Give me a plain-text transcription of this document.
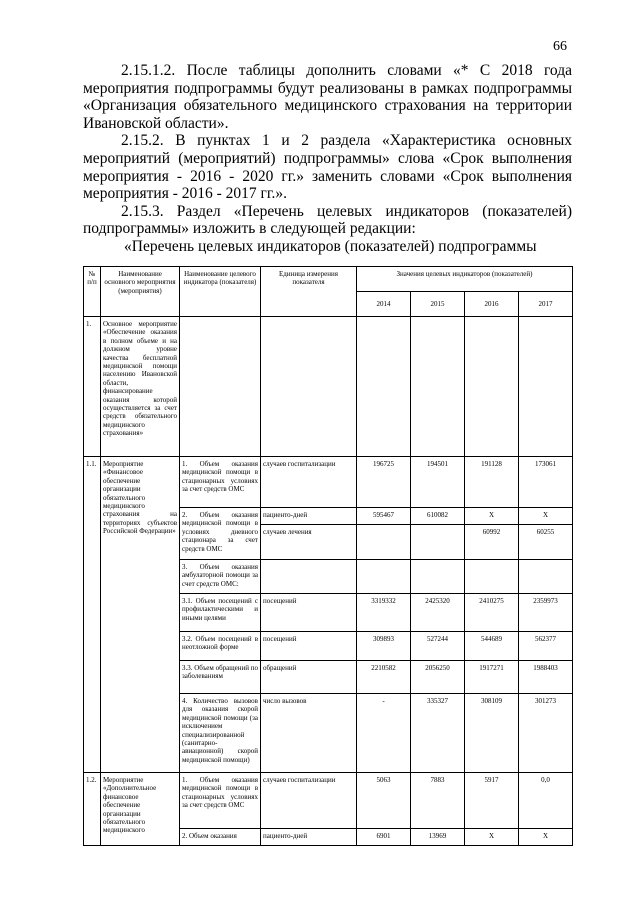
66

2.15.1.2. После таблицы дополнить словами «* С 2018 года мероприятия подпрограммы будут реализованы в рамках подпрограммы «Организация обязательного медицинского страхования на территории Ивановской области».

2.15.2. В пунктах 1 и 2 раздела «Характеристика основных мероприятий (мероприятий) подпрограммы» слова «Срок выполнения мероприятия - 2016 - 2020 гг.» заменить словами «Срок выполнения мероприятия - 2016 - 2017 гг.».

2.15.3. Раздел «Перечень целевых индикаторов (показателей) подпрограммы» изложить в следующей редакции:

«Перечень целевых индикаторов (показателей) подпрограммы
№ п/п	Наименование основного мероприятия (мероприятия)	Наименование целевого индикатора (показателя)	Единица измерения показателя	Значения целевых индикаторов (показателей)			
				2014	2015	2016	2017
1.	Основное мероприятие «Обеспечение оказания в полном объеме и на должном уровне качества бесплатной медицинской помощи населению Ивановской области, финансирование оказания которой осуществляется за счет средств обязательного медицинского страхования»						
1.1.	Мероприятие «Финансовое обеспечение организации обязательного медицинского страхования на территориях субъектов Российской Федерации»	1. Объем оказания медицинской помощи в стационарных условиях за счет средств ОМС	случаев госпитализации	196725	194501	191128	173061
		2. Объем оказания медицинской помощи в условиях дневного стационара за счет средств ОМС	пациенто-дней	595467	610082	Х	Х
			случаев лечения			60992	60255
		3. Объем оказания амбулаторной помощи за счет средств ОМС:					
		3.1. Объем посещений с профилактическими и иными целями	посещений	3319332	2425320	2410275	2359973
		3.2. Объем посещений в неотложной форме	посещений	309893	527244	544689	562377
		3.3. Объем обращений по заболеваниям	обращений	2210582	2056250	1917271	1988403
		4. Количество вызовов для оказания скорой медицинской помощи (за исключением специализированной (санитарно-авиационной) скорой медицинской помощи)	число вызовов	-	335327	308109	301273
1.2.	Мероприятие «Дополнительное финансовое обеспечение организации обязательного медицинского	1. Объем оказания медицинской помощи в стационарных условиях за счет средств ОМС	случаев госпитализации	5063	7883	5917	0,0
		2. Объем оказания	пациенто-дней	6901	13969	Х	Х
